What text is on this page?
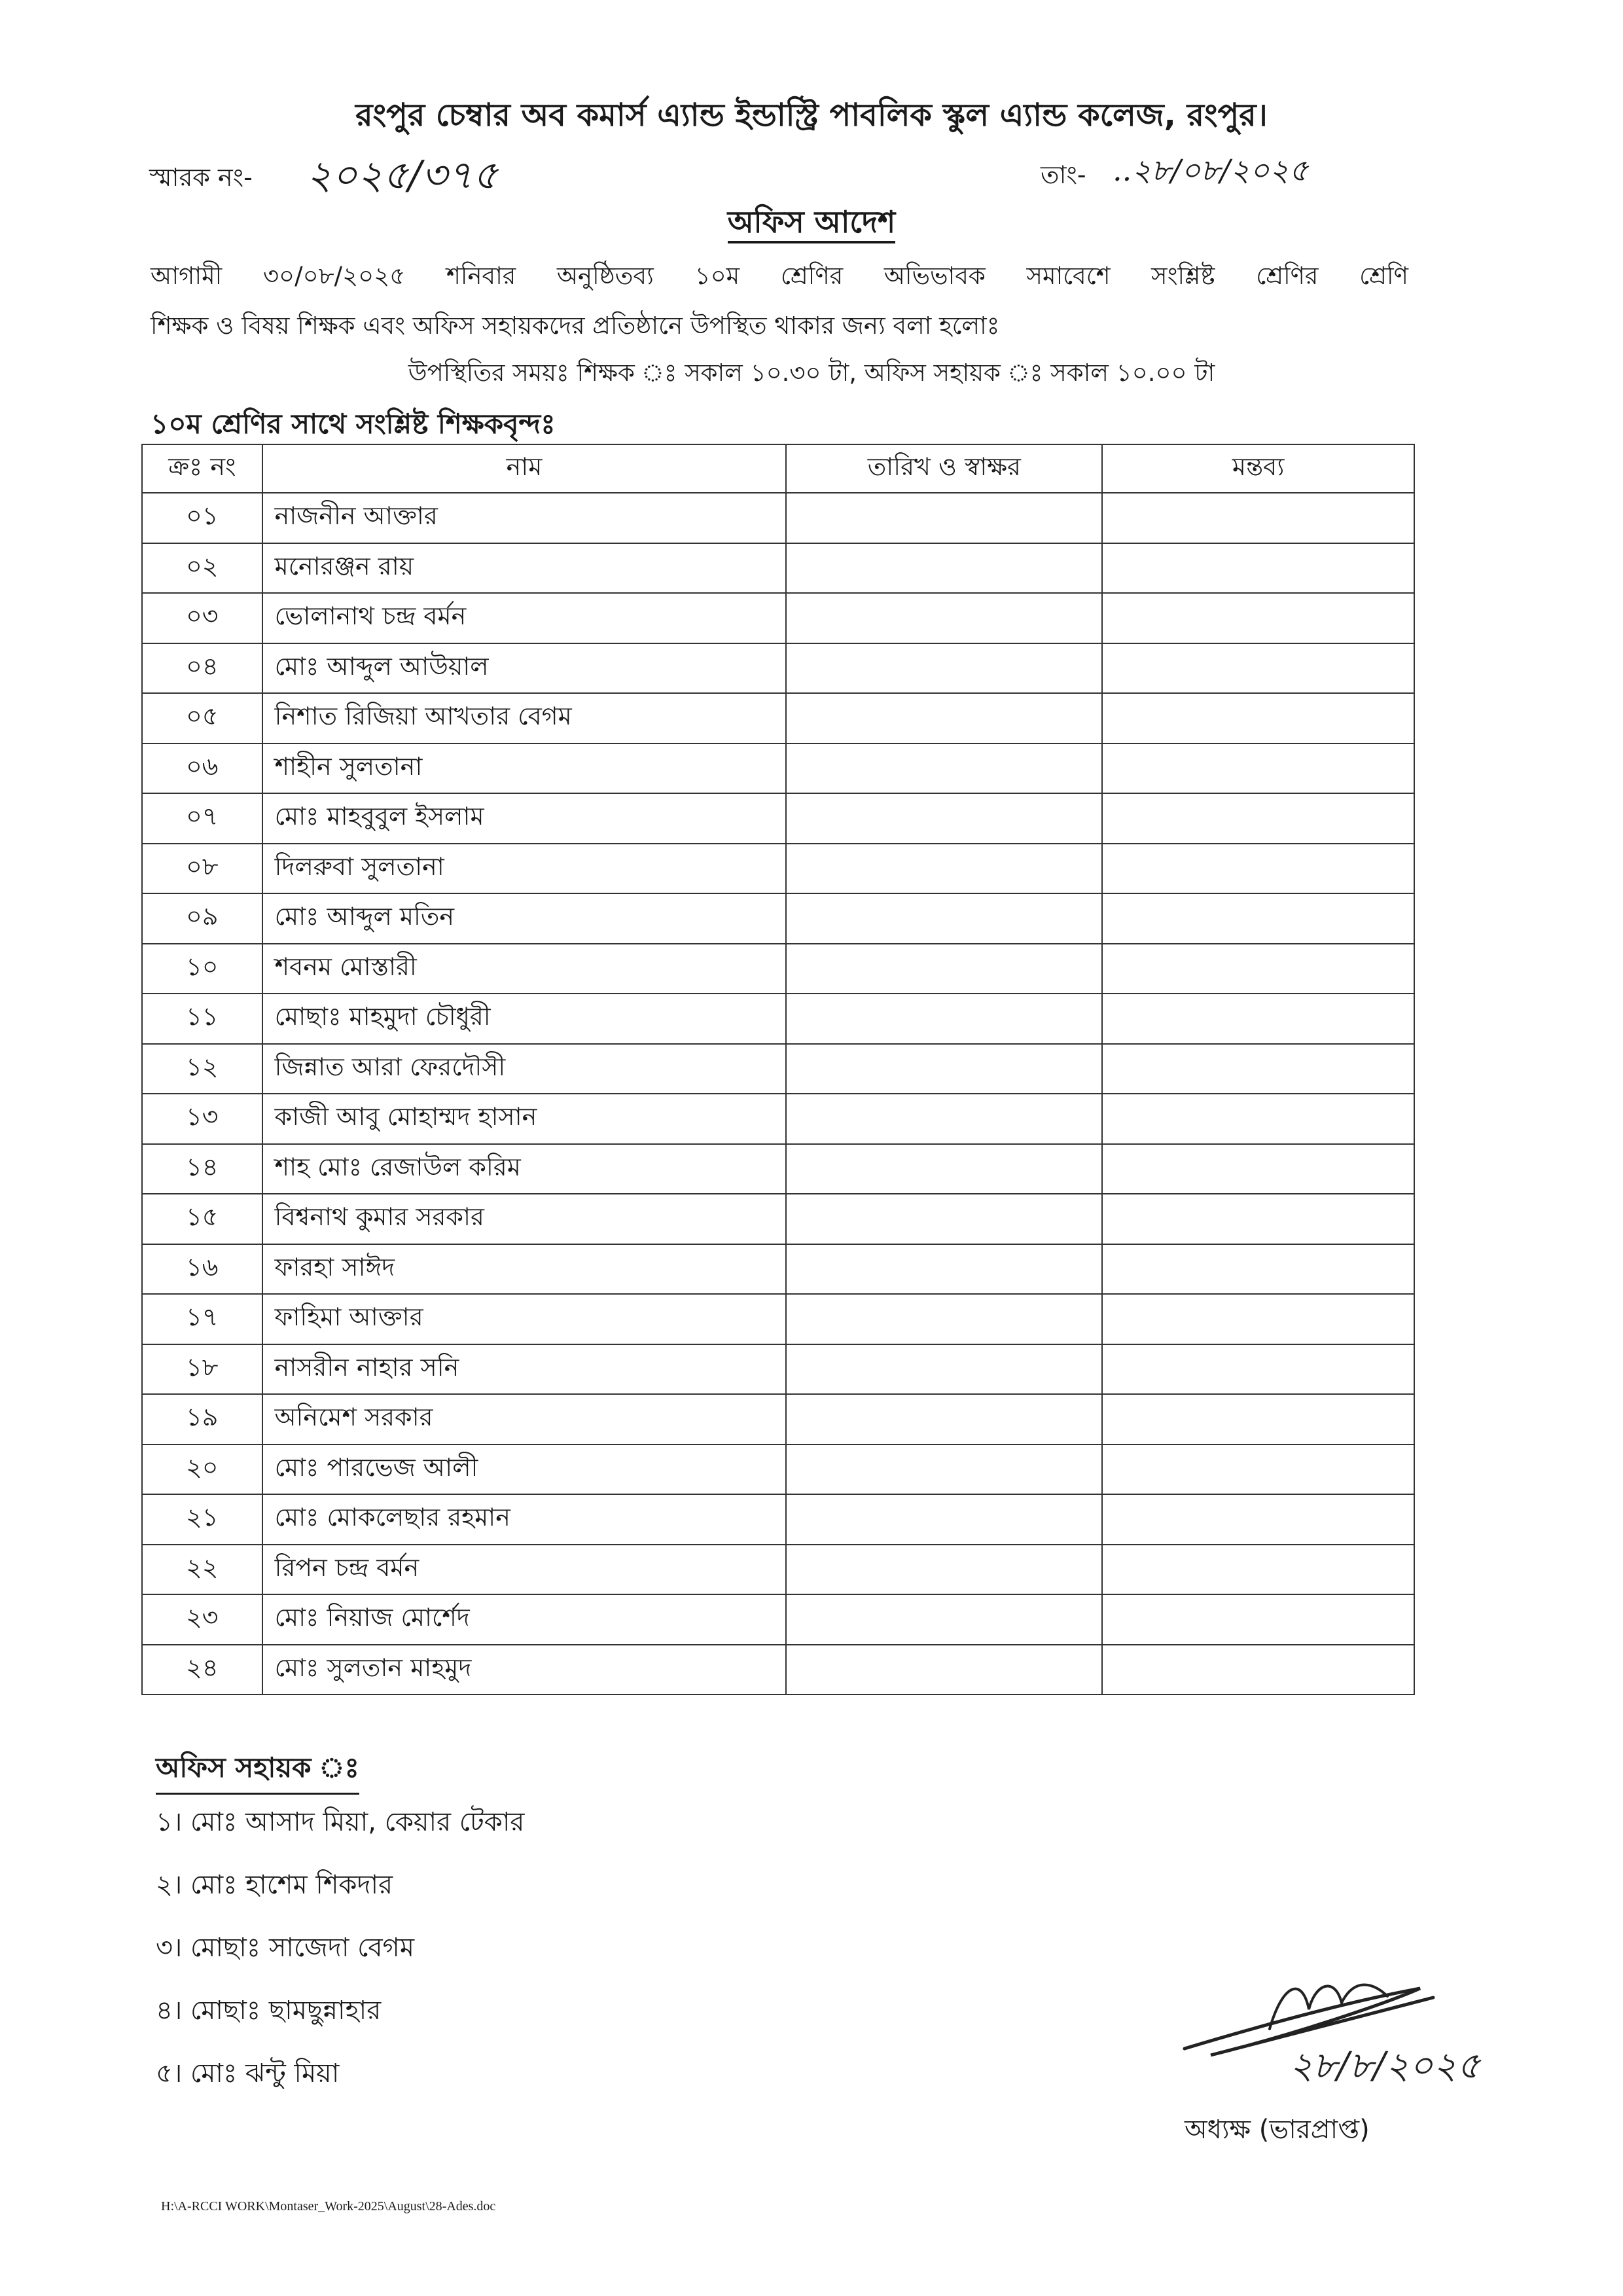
রংপুর চেম্বার অব কমার্স এ্যান্ড ইন্ডাস্ট্রি পাবলিক স্কুল এ্যান্ড কলেজ, রংপুর।
স্মারক নং- ২০২৫/৩৭৫	তাং- ..২৮/০৮/২০২৫
অফিস আদেশ
আগামী ৩০/০৮/২০২৫ শনিবার অনুষ্ঠিতব্য ১০ম শ্রেণির অভিভাবক সমাবেশে সংশ্লিষ্ট শ্রেণির শ্রেণি
শিক্ষক ও বিষয় শিক্ষক এবং অফিস সহায়কদের প্রতিষ্ঠানে উপস্থিত থাকার জন্য বলা হলোঃ
উপস্থিতির সময়ঃ শিক্ষক ঃ সকাল ১০.৩০ টা, অফিস সহায়ক ঃ সকাল ১০.০০ টা
১০ম শ্রেণির সাথে সংশ্লিষ্ট শিক্ষকবৃন্দঃ
ক্রঃ নং	নাম	তারিখ ও স্বাক্ষর	মন্তব্য
০১	নাজনীন আক্তার		
০২	মনোরঞ্জন রায়		
০৩	ভোলানাথ চন্দ্র বর্মন		
০৪	মোঃ আব্দুল আউয়াল		
০৫	নিশাত রিজিয়া আখতার বেগম		
০৬	শাহীন সুলতানা		
০৭	মোঃ মাহবুবুল ইসলাম		
০৮	দিলরুবা সুলতানা		
০৯	মোঃ আব্দুল মতিন		
১০	শবনম মোস্তারী		
১১	মোছাঃ মাহমুদা চৌধুরী		
১২	জিন্নাত আরা ফেরদৌসী		
১৩	কাজী আবু মোহাম্মদ হাসান		
১৪	শাহ মোঃ রেজাউল করিম		
১৫	বিশ্বনাথ কুমার সরকার		
১৬	ফারহা সাঈদ		
১৭	ফাহিমা আক্তার		
১৮	নাসরীন নাহার সনি		
১৯	অনিমেশ সরকার		
২০	মোঃ পারভেজ আলী		
২১	মোঃ মোকলেছার রহমান		
২২	রিপন চন্দ্র বর্মন		
২৩	মোঃ নিয়াজ মোর্শেদ		
২৪	মোঃ সুলতান মাহমুদ		
অফিস সহায়ক ঃ
১। মোঃ আসাদ মিয়া, কেয়ার টেকার
২। মোঃ হাশেম শিকদার
৩। মোছাঃ সাজেদা বেগম
৪। মোছাঃ ছামছুন্নাহার
৫। মোঃ ঝন্টু মিয়া	২৮/৮/২০২৫
অধ্যক্ষ (ভারপ্রাপ্ত)
H:\A-RCCI WORK\Montaser_Work-2025\August\28-Ades.doc
